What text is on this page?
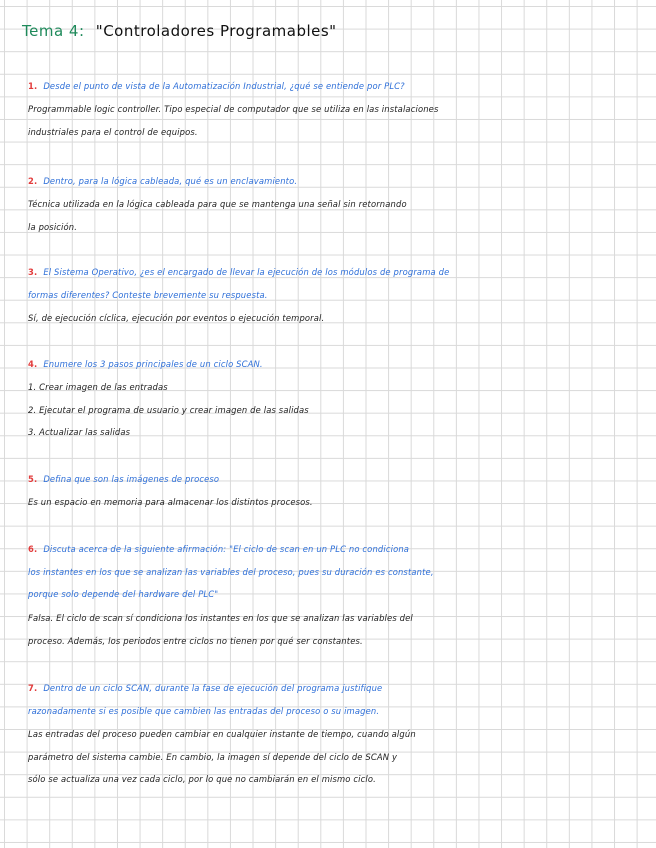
Tema 4: "Controladores Programables"
1. Desde el punto de vista de la Automatización Industrial, ¿qué se entiende por PLC?
Programmable logic controller. Tipo especial de computador que se utiliza en las instalaciones
industriales para el control de equipos.
2. Dentro, para la lógica cableada, qué es un enclavamiento.
Técnica utilizada en la lógica cableada para que se mantenga una señal sin retornando
la posición.
3. El Sistema Operativo, ¿es el encargado de llevar la ejecución de los módulos de programa de
formas diferentes? Conteste brevemente su respuesta.
Sí, de ejecución cíclica, ejecución por eventos o ejecución temporal.
4. Enumere los 3 pasos principales de un ciclo SCAN.
1. Crear imagen de las entradas
2. Ejecutar el programa de usuario y crear imagen de las salidas
3. Actualizar las salidas
5. Defina que son las imágenes de proceso
Es un espacio en memoria para almacenar los distintos procesos.
6. Discuta acerca de la siguiente afirmación: "El ciclo de scan en un PLC no condiciona
los instantes en los que se analizan las variables del proceso, pues su duración es constante,
porque solo depende del hardware del PLC"
Falsa. El ciclo de scan sí condiciona los instantes en los que se analizan las variables del
proceso. Además, los periodos entre ciclos no tienen por qué ser constantes.
7. Dentro de un ciclo SCAN, durante la fase de ejecución del programa justifique
razonadamente si es posible que cambien las entradas del proceso o su imagen.
Las entradas del proceso pueden cambiar en cualquier instante de tiempo, cuando algún
parámetro del sistema cambie. En cambio, la imagen sí depende del ciclo de SCAN y
sólo se actualiza una vez cada ciclo, por lo que no cambiarán en el mismo ciclo.
